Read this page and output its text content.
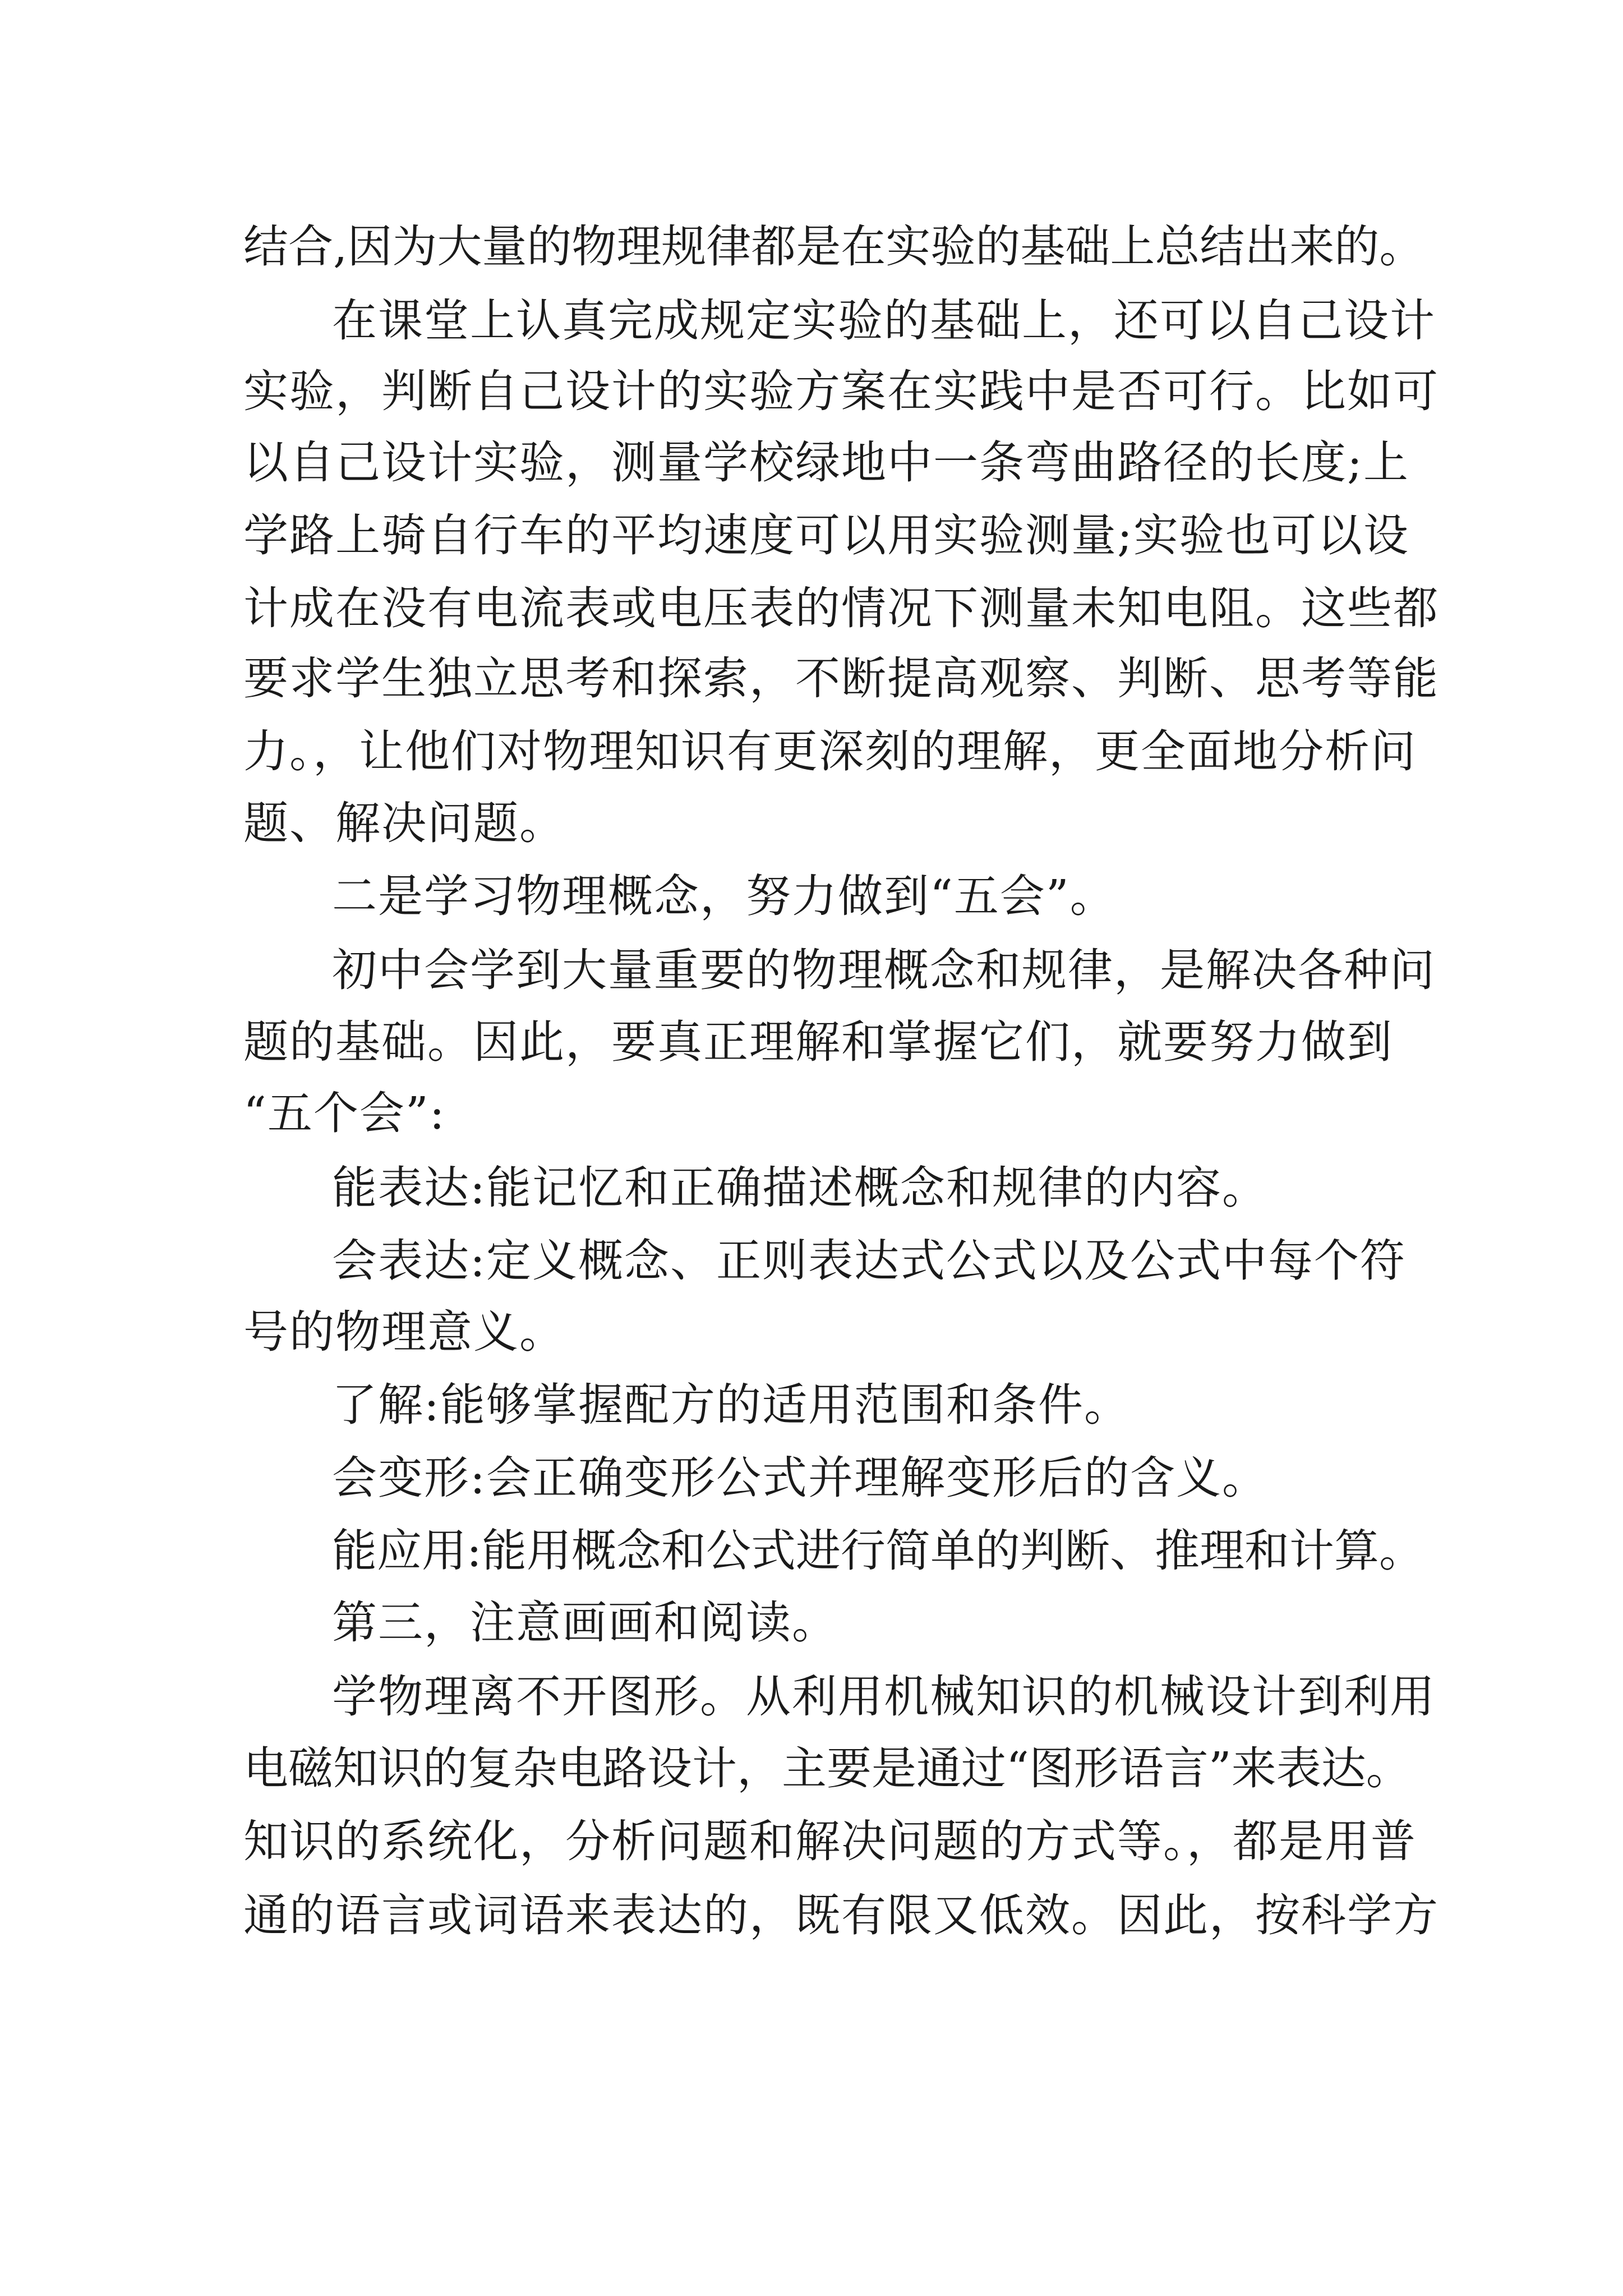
结合,因为大量的物理规律都是在实验的基础上总结出来的。
在课堂上认真完成规定实验的基础上，还可以自己设计
实验，判断自己设计的实验方案在实践中是否可行。比如可
以自己设计实验，测量学校绿地中一条弯曲路径的长度;上
学路上骑自行车的平均速度可以用实验测量;实验也可以设
计成在没有电流表或电压表的情况下测量未知电阻。这些都
要求学生独立思考和探索，不断提高观察、判断、思考等能
力。，让他们对物理知识有更深刻的理解，更全面地分析问
题、解决问题。
二是学习物理概念，努力做到“五会”。
初中会学到大量重要的物理概念和规律，是解决各种问
题的基础。因此，要真正理解和掌握它们，就要努力做到
“五个会”:
能表达:能记忆和正确描述概念和规律的内容。
会表达:定义概念、正则表达式公式以及公式中每个符
号的物理意义。
了解:能够掌握配方的适用范围和条件。
会变形:会正确变形公式并理解变形后的含义。
能应用:能用概念和公式进行简单的判断、推理和计算。
第三，注意画画和阅读。
学物理离不开图形。从利用机械知识的机械设计到利用
电磁知识的复杂电路设计，主要是通过“图形语言”来表达。
知识的系统化，分析问题和解决问题的方式等。，都是用普
通的语言或词语来表达的，既有限又低效。因此，按科学方
